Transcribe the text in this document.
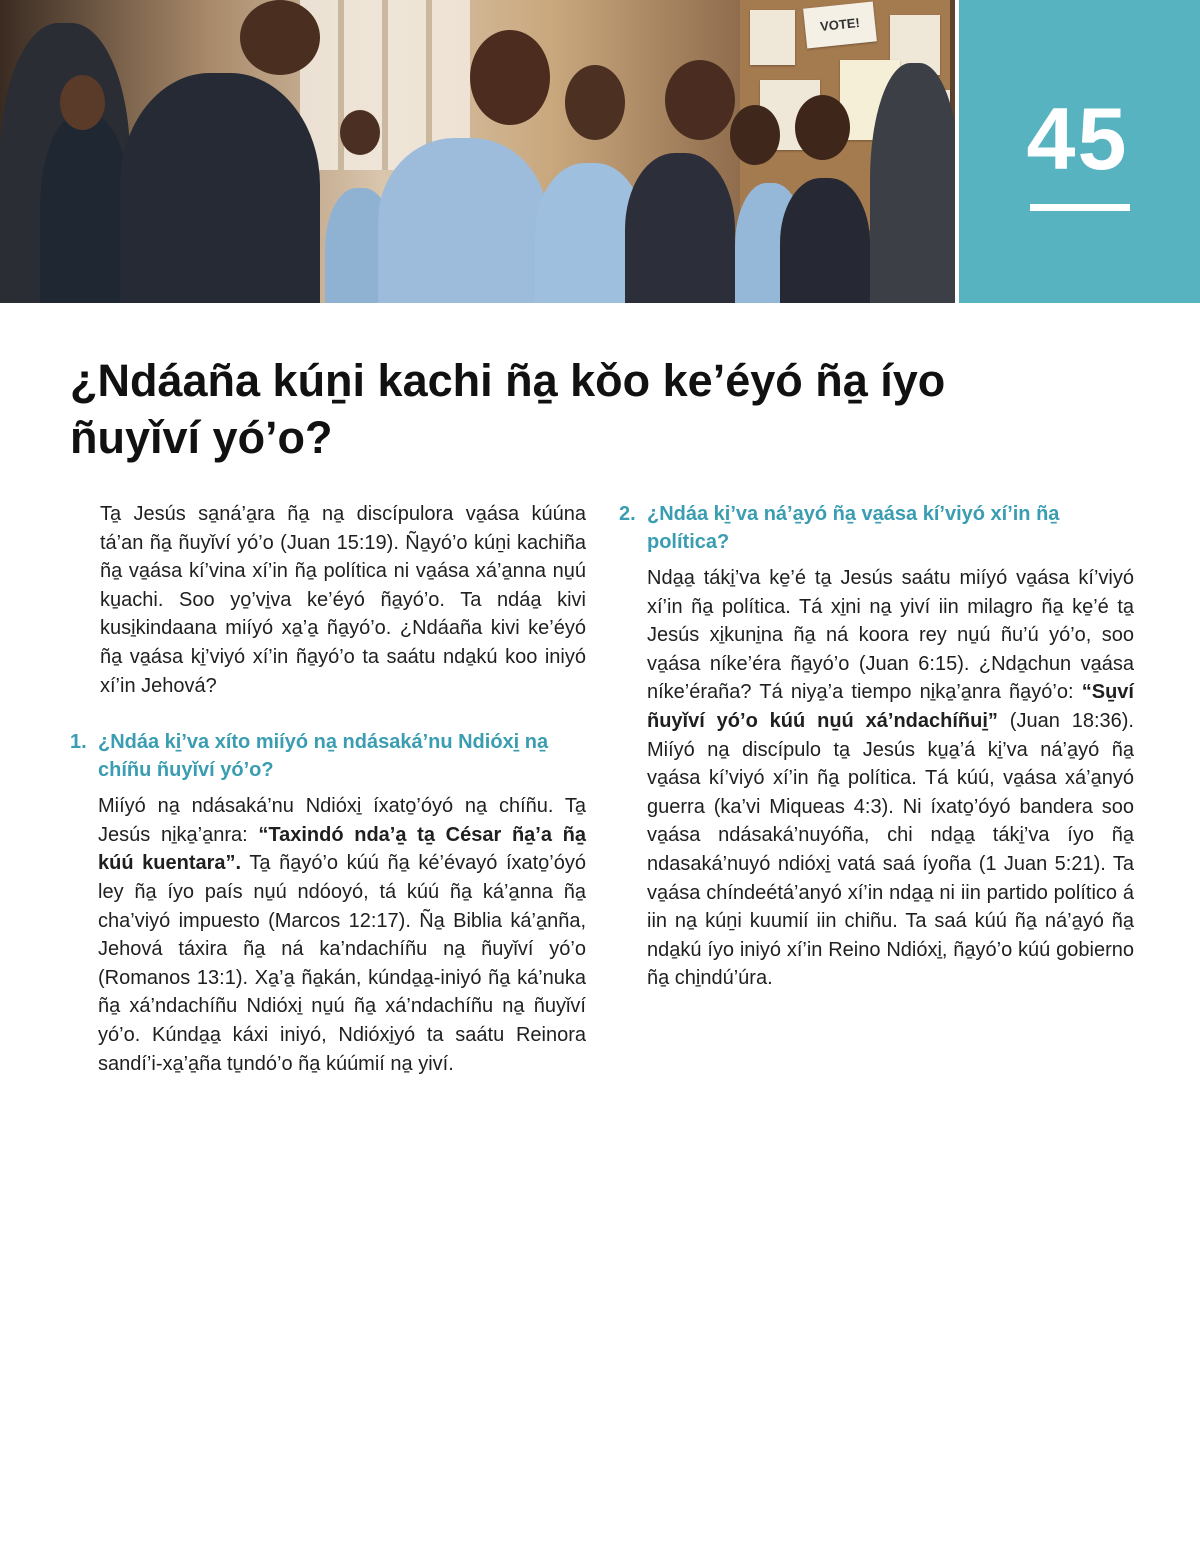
VOTE!
45
¿Ndáaña kúṉi kachi ña̱ kǒo ke’éyó ña̱ íyo ñuyǐví yó’o?

Ta̱ Jesús sa̱ná’a̱ra ña̱ na̱ discípulora va̱ása kúúna tá’an ña̱ ñuyǐví yó’o (Juan 15:19). Ña̱yó’o kúṉi kachiña ña̱ va̱ása kí’vina xí’in ña̱ política ni va̱ása xá’a̱nna nu̱ú ku̱achi. Soo yo̱’vi̱va ke’éyó ña̱yó’o. Ta ndáa̱ kivi kusi̱kindaana miíyó xa̱’a̱ ña̱yó’o. ¿Ndáaña kivi ke’éyó ña̱ va̱ása ki̱’viyó xí’in ña̱yó’o ta saátu nda̱kú koo iniyó xí’in Jehová?

1. ¿Ndáa ki̱’va xíto miíyó na̱ ndásaká’nu Ndióxi̱ na̱ chíñu ñuyǐví yó’o?

Miíyó na̱ ndásaká’nu Ndióxi̱ íxato̱’óyó na̱ chíñu. Ta̱ Jesús ni̱ka̱’a̱nra: “Taxindó nda’a̱ ta̱ César ña̱’a ña̱ kúú kuentara”. Ta̱ ña̱yó’o kúú ña̱ ké’évayó íxato̱’óyó ley ña̱ íyo país nu̱ú ndóoyó, tá kúú ña̱ ká’a̱nna ña̱ cha’viyó impuesto (Marcos 12:17). Ña̱ Biblia ká’a̱nña, Jehová táxira ña̱ ná ka’ndachíñu na̱ ñuyǐví yó’o (Romanos 13:1). Xa̱’a̱ ña̱kán, kúnda̱a̱-iniyó ña̱ ká’nuka ña̱ xá’ndachíñu Ndióxi̱ nu̱ú ña̱ xá’ndachíñu na̱ ñuyǐví yó’o. Kúnda̱a̱ káxi iniyó, Ndióxi̱yó ta saátu Reinora sandí’i-xa̱’a̱ña tu̱ndó’o ña̱ kúúmií na̱ yiví.

2. ¿Ndáa ki̱’va ná’a̱yó ña̱ va̱ása kí’viyó xí’in ña̱ política?

Nda̱a̱ táki̱’va ke̱’é ta̱ Jesús saátu miíyó va̱ása kí’viyó xí’in ña̱ política. Tá xi̱ni na̱ yiví iin milagro ña̱ ke̱’é ta̱ Jesús xi̱kuni̱na ña̱ ná koora rey nu̱ú ñu’ú yó’o, soo va̱ása níke’éra ña̱yó’o (Juan 6:15). ¿Nda̱chun va̱ása níke’éraña? Tá niya̱’a tiempo ni̱ka̱’a̱nra ña̱yó’o: “Su̱ví ñuyǐví yó’o kúú nu̱ú xá’ndachíñui̱” (Juan 18:36). Miíyó na̱ discípulo ta̱ Jesús ku̱a̱’á ki̱’va ná’a̱yó ña̱ va̱ása kí’viyó xí’in ña̱ política. Tá kúú, va̱ása xá’a̱nyó guerra (ka’vi Miqueas 4:3). Ni íxato̱’óyó bandera soo va̱ása ndásaká’nuyóña, chi nda̱a̱ táki̱’va íyo ña̱ ndasaká’nuyó ndióxi̱ vatá saá íyoña (1 Juan 5:21). Ta va̱ása chíndeétá’anyó xí’in nda̱a̱ ni iin partido político á iin na̱ kúṉi kuumií iin chiñu. Ta saá kúú ña̱ ná’a̱yó ña̱ nda̱kú íyo iniyó xí’in Reino Ndióxi̱, ña̱yó’o kúú gobierno ña̱ chi̱ndú’úra.
